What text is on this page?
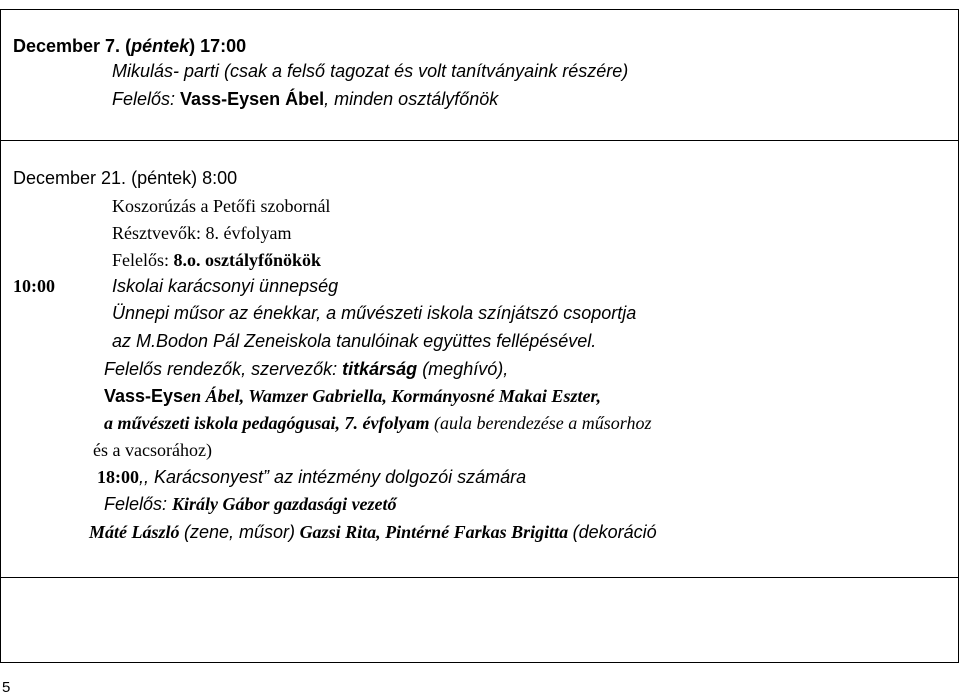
December 7. (péntek) 17:00
Mikulás- parti (csak a felső tagozat és volt tanítványaink részére)
Felelős: Vass-Eysen Ábel, minden osztályfőnök
December 21. (péntek) 8:00
Koszorúzás a Petőfi szobornál
Résztvevők: 8. évfolyam
Felelős: 8.o. osztályfőnökök
10:00	Iskolai karácsonyi ünnepség
Ünnepi műsor az énekkar, a művészeti iskola színjátszó csoportja
az M.Bodon Pál Zeneiskola tanulóinak együttes fellépésével.
Felelős rendezők, szervezők: titkárság (meghívó),
Vass-Eysen Ábel, Wamzer Gabriella, Kormányosné Makai Eszter,
a művészeti iskola pedagógusai, 7. évfolyam (aula berendezése a műsorhoz
és a vacsorához)
18:00,, Karácsonyest” az intézmény dolgozói számára
Felelős: Király Gábor gazdasági vezető
Máté László (zene, műsor) Gazsi Rita, Pintérné Farkas Brigitta (dekoráció
5
